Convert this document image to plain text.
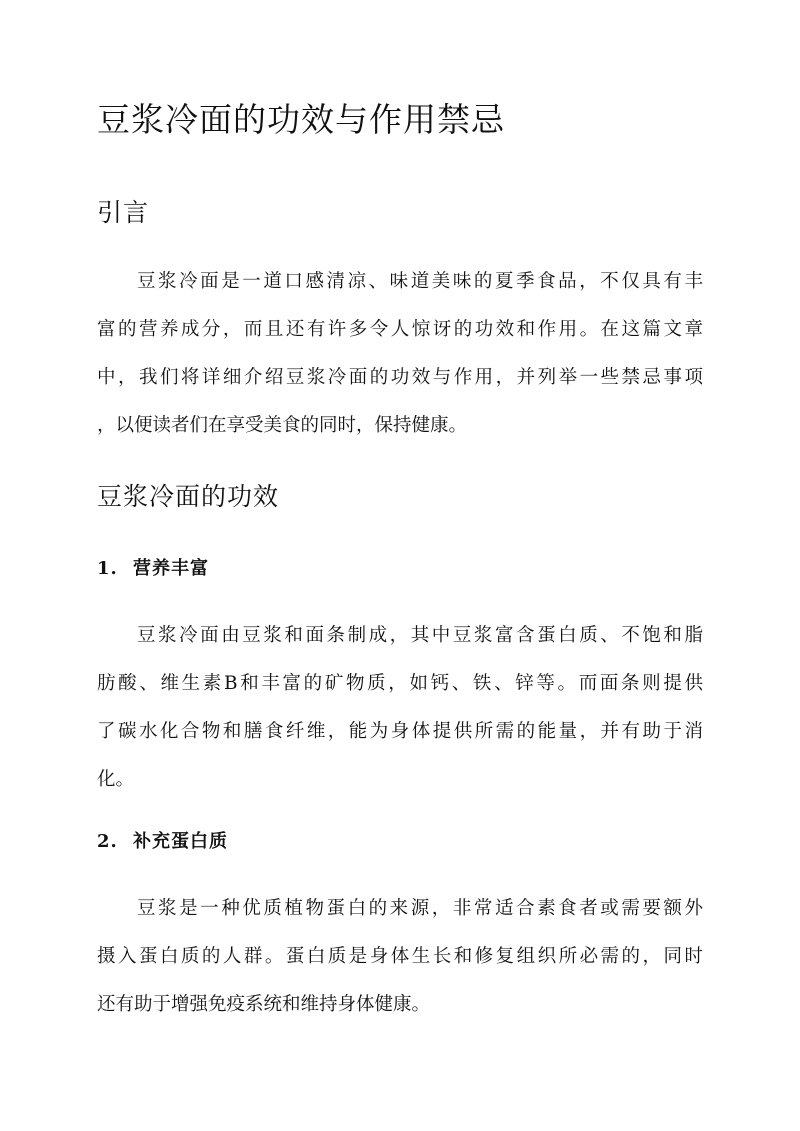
豆浆冷面的功效与作用禁忌
引言
豆浆冷面是一道口感清凉、味道美味的夏季食品，不仅具有丰
富的营养成分，而且还有许多令人惊讶的功效和作用。在这篇文章
中，我们将详细介绍豆浆冷面的功效与作用，并列举一些禁忌事项
，以便读者们在享受美食的同时，保持健康。
豆浆冷面的功效
1. 营养丰富
豆浆冷面由豆浆和面条制成，其中豆浆富含蛋白质、不饱和脂
肪酸、维生素B和丰富的矿物质，如钙、铁、锌等。而面条则提供
了碳水化合物和膳食纤维，能为身体提供所需的能量，并有助于消
化。
2. 补充蛋白质
豆浆是一种优质植物蛋白的来源，非常适合素食者或需要额外
摄入蛋白质的人群。蛋白质是身体生长和修复组织所必需的，同时
还有助于增强免疫系统和维持身体健康。
